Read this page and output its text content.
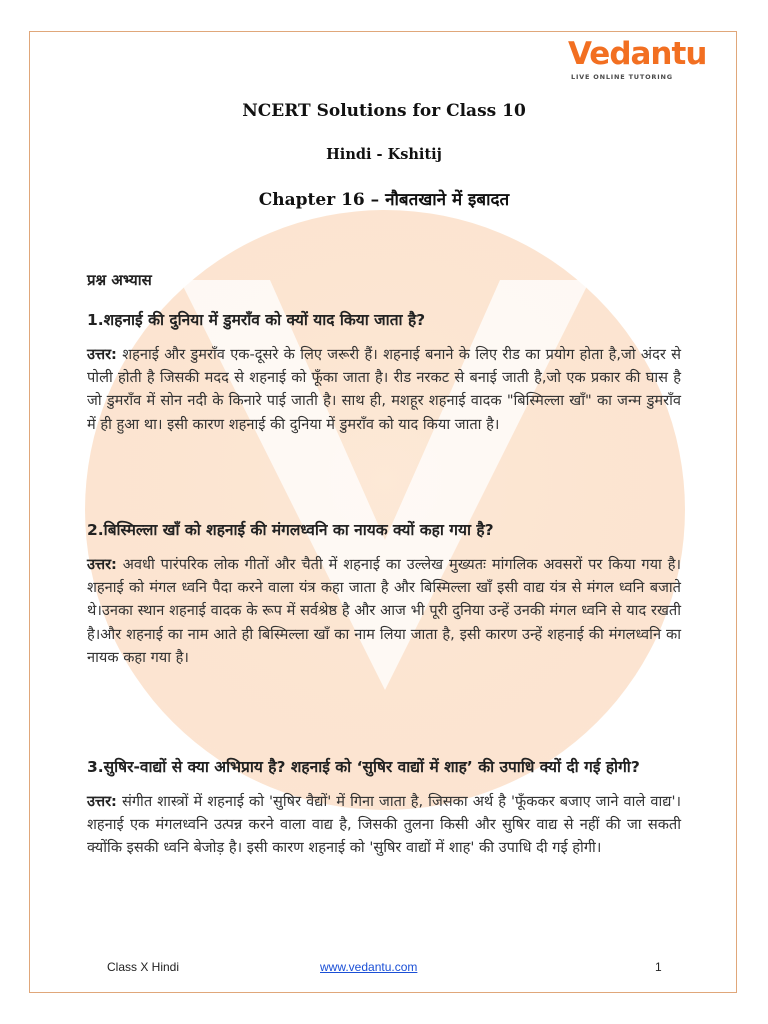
Vedantu
LIVE ONLINE TUTORING
NCERT Solutions for Class 10
Hindi - Kshitij
Chapter 16 – नौबतखाने में इबादत
प्रश्न अभ्यास
1.शहनाई की दुनिया में डुमराँव को क्यों याद किया जाता है?
उत्तर: शहनाई और डुमराँव एक-दूसरे के लिए जरूरी हैं। शहनाई बनाने के लिए रीड का प्रयोग होता है,जो अंदर से पोली होती है जिसकी मदद से शहनाई को फूँका जाता है। रीड नरकट से बनाई जाती है,जो एक प्रकार की घास है जो डुमराँव में सोन नदी के किनारे पाई जाती है। साथ ही, मशहूर शहनाई वादक "बिस्मिल्ला खाँ" का जन्म डुमराँव में ही हुआ था। इसी कारण शहनाई की दुनिया में डुमराँव को याद किया जाता है।
2.बिस्मिल्ला खाँ को शहनाई की मंगलध्वनि का नायक क्यों कहा गया है?
उत्तर: अवधी पारंपरिक लोक गीतों और चैती में शहनाई का उल्लेख मुख्यतः मांगलिक अवसरों पर किया गया है। शहनाई को मंगल ध्वनि पैदा करने वाला यंत्र कहा जाता है और बिस्मिल्ला खाँ इसी वाद्य यंत्र से मंगल ध्वनि बजाते थे।उनका स्थान शहनाई वादक के रूप में सर्वश्रेष्ठ है और आज भी पूरी दुनिया उन्हें उनकी मंगल ध्वनि से याद रखती है।और शहनाई का नाम आते ही बिस्मिल्ला खाँ का नाम लिया जाता है, इसी कारण उन्हें शहनाई की मंगलध्वनि का नायक कहा गया है।
3.सुषिर-वाद्यों से क्या अभिप्राय है? शहनाई को ‘सुषिर वाद्यों में शाह’ की उपाधि क्यों दी गई होगी?
उत्तर: संगीत शास्त्रों में शहनाई को 'सुषिर वैद्यों' में गिना जाता है, जिसका अर्थ है 'फूँककर बजाए जाने वाले वाद्य'।शहनाई एक मंगलध्वनि उत्पन्न करने वाला वाद्य है, जिसकी तुलना किसी और सुषिर वाद्य से नहीं की जा सकती क्योंकि इसकी ध्वनि बेजोड़ है। इसी कारण शहनाई को 'सुषिर वाद्यों में शाह' की उपाधि दी गई होगी।
Class X Hindi	www.vedantu.com	1
